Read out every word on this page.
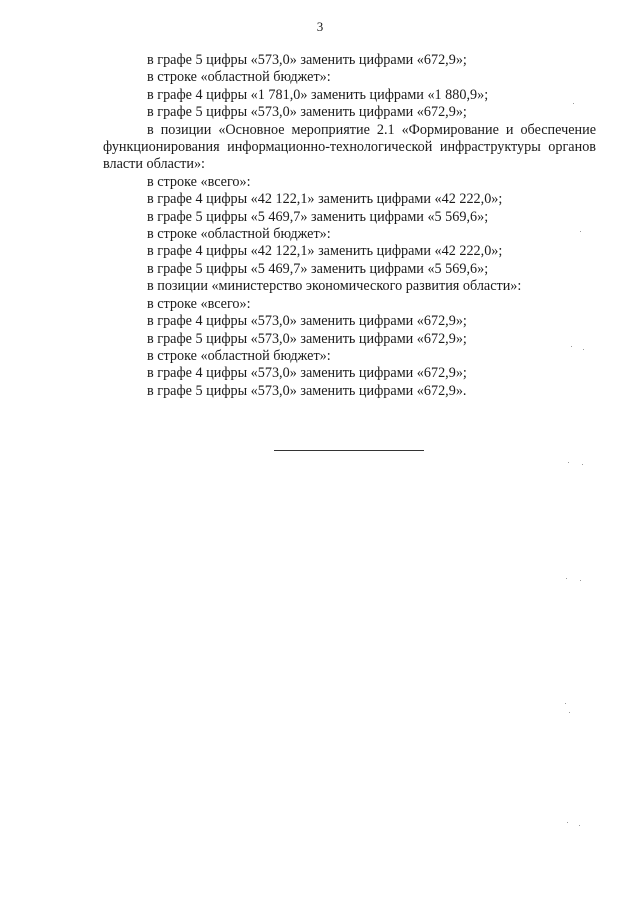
3

в графе 5 цифры «573,0» заменить цифрами «672,9»;

в строке «областной бюджет»:

в графе 4 цифры «1 781,0» заменить цифрами «1 880,9»;

в графе 5 цифры «573,0» заменить цифрами «672,9»;

в позиции «Основное мероприятие 2.1 «Формирование и обеспечение функционирования информационно-технологической инфраструктуры органов власти области»:

в строке «всего»:

в графе 4 цифры «42 122,1» заменить цифрами «42 222,0»;

в графе 5 цифры «5 469,7» заменить цифрами «5 569,6»;

в строке «областной бюджет»:

в графе 4 цифры «42 122,1» заменить цифрами «42 222,0»;

в графе 5 цифры «5 469,7» заменить цифрами «5 569,6»;

в позиции «министерство экономического развития области»:

в строке «всего»:

в графе 4 цифры «573,0» заменить цифрами «672,9»;

в графе 5 цифры «573,0» заменить цифрами «672,9»;

в строке «областной бюджет»:

в графе 4 цифры «573,0» заменить цифрами «672,9»;

в графе 5 цифры «573,0» заменить цифрами «672,9».
